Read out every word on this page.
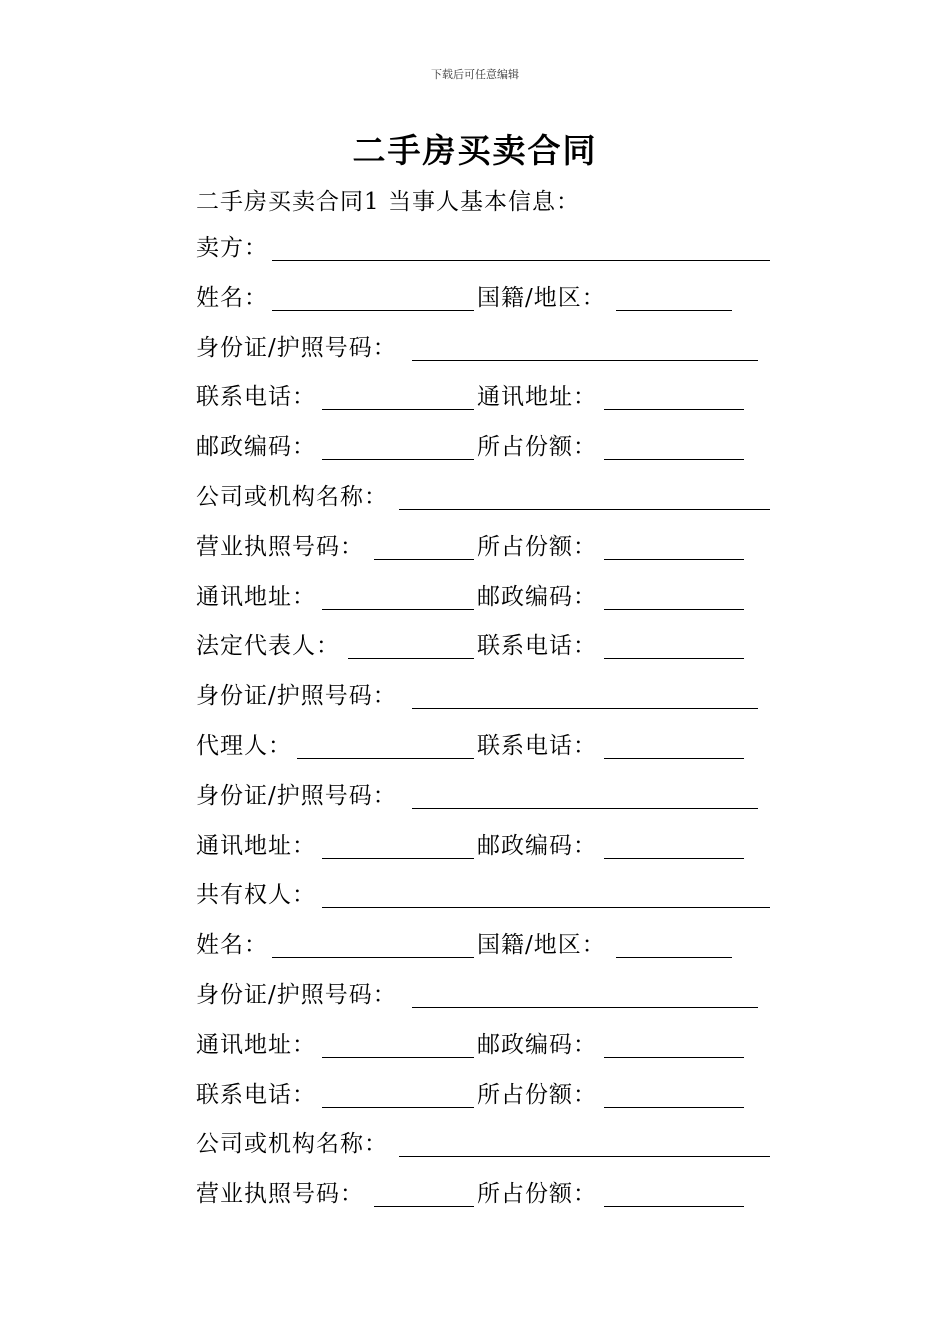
下载后可任意编辑
二手房买卖合同
二手房买卖合同1 当事人基本信息：
卖方：
姓名：	国籍/地区：
身份证/护照号码：
联系电话：	通讯地址：
邮政编码：	所占份额：
公司或机构名称：
营业执照号码：	所占份额：
通讯地址：	邮政编码：
法定代表人：	联系电话：
身份证/护照号码：
代理人：	联系电话：
身份证/护照号码：
通讯地址：	邮政编码：
共有权人：
姓名：	国籍/地区：
身份证/护照号码：
通讯地址：	邮政编码：
联系电话：	所占份额：
公司或机构名称：
营业执照号码：	所占份额：
